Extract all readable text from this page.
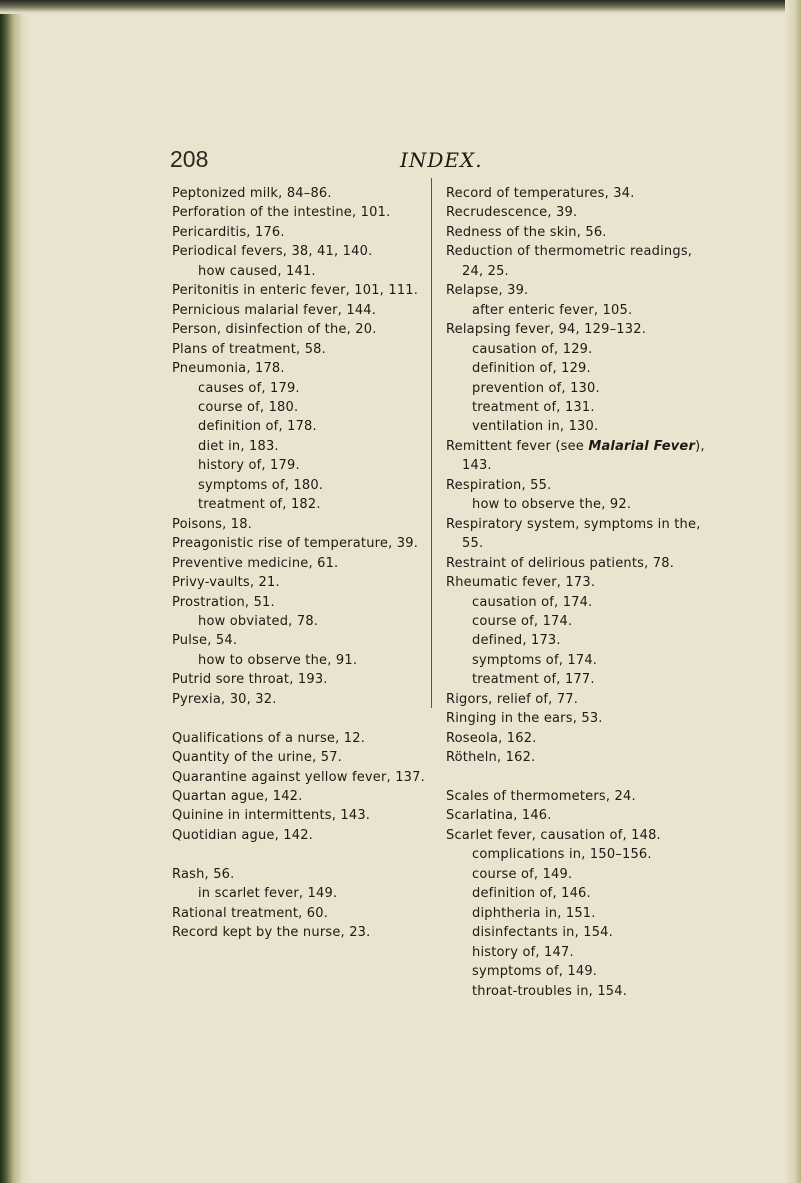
208	INDEX.
Peptonized milk, 84–86.
Perforation of the intestine, 101.
Pericarditis, 176.
Periodical fevers, 38, 41, 140.
how caused, 141.
Peritonitis in enteric fever, 101, 111.
Pernicious malarial fever, 144.
Person, disinfection of the, 20.
Plans of treatment, 58.
Pneumonia, 178.
causes of, 179.
course of, 180.
definition of, 178.
diet in, 183.
history of, 179.
symptoms of, 180.
treatment of, 182.
Poisons, 18.
Preagonistic rise of temperature, 39.
Preventive medicine, 61.
Privy-vaults, 21.
Prostration, 51.
how obviated, 78.
Pulse, 54.
how to observe the, 91.
Putrid sore throat, 193.
Pyrexia, 30, 32.
Qualifications of a nurse, 12.
Quantity of the urine, 57.
Quarantine against yellow fever, 137.
Quartan ague, 142.
Quinine in intermittents, 143.
Quotidian ague, 142.
Rash, 56.
in scarlet fever, 149.
Rational treatment, 60.
Record kept by the nurse, 23.
Record of temperatures, 34.
Recrudescence, 39.
Redness of the skin, 56.
Reduction of thermometric readings, 24, 25.
Relapse, 39.
after enteric fever, 105.
Relapsing fever, 94, 129–132.
causation of, 129.
definition of, 129.
prevention of, 130.
treatment of, 131.
ventilation in, 130.
Remittent fever (see Malarial Fever), 143.
Respiration, 55.
how to observe the, 92.
Respiratory system, symptoms in the, 55.
Restraint of delirious patients, 78.
Rheumatic fever, 173.
causation of, 174.
course of, 174.
defined, 173.
symptoms of, 174.
treatment of, 177.
Rigors, relief of, 77.
Ringing in the ears, 53.
Roseola, 162.
Rötheln, 162.
Scales of thermometers, 24.
Scarlatina, 146.
Scarlet fever, causation of, 148.
complications in, 150–156.
course of, 149.
definition of, 146.
diphtheria in, 151.
disinfectants in, 154.
history of, 147.
symptoms of, 149.
throat-troubles in, 154.
